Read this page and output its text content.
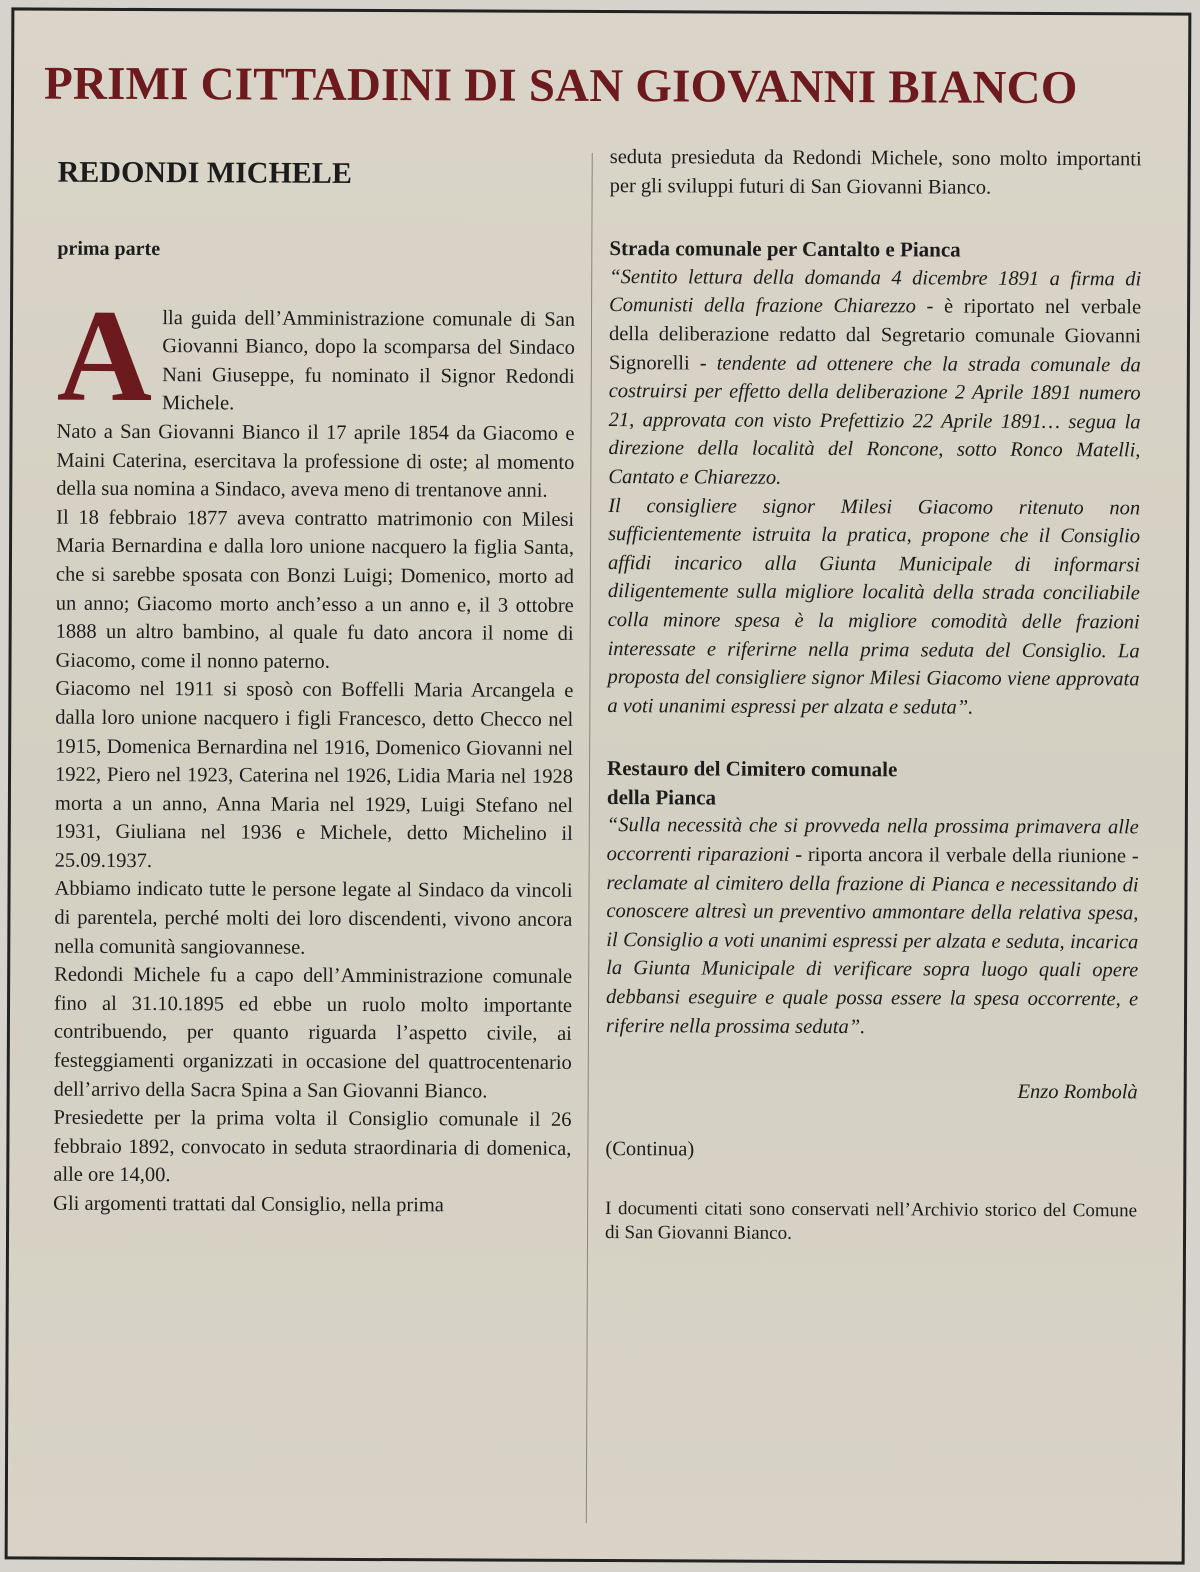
PRIMI CITTADINI DI SAN GIOVANNI BIANCO

REDONDI MICHELE

prima parte

Alla guida dell’Amministrazione comunale di San Giovanni Bianco, dopo la scomparsa del Sindaco Nani Giuseppe, fu nominato il Signor Redondi Michele.

Nato a San Giovanni Bianco il 17 aprile 1854 da Giacomo e Maini Caterina, esercitava la professione di oste; al momento della sua nomina a Sindaco, aveva meno di trentanove anni.

Il 18 febbraio 1877 aveva contratto matrimonio con Milesi Maria Bernardina e dalla loro unione nacquero la figlia Santa, che si sarebbe sposata con Bonzi Luigi; Domenico, morto ad un anno; Giacomo morto anch’esso a un anno e, il 3 ottobre 1888 un altro bambino, al quale fu dato ancora il nome di Giacomo, come il nonno paterno.

Giacomo nel 1911 si sposò con Boffelli Maria Arcangela e dalla loro unione nacquero i figli Francesco, detto Checco nel 1915, Domenica Bernardina nel 1916, Domenico Giovanni nel 1922, Piero nel 1923, Caterina nel 1926, Lidia Maria nel 1928 morta a un anno, Anna Maria nel 1929, Luigi Stefano nel 1931, Giuliana nel 1936 e Michele, detto Michelino il 25.09.1937.

Abbiamo indicato tutte le persone legate al Sindaco da vincoli di parentela, perché molti dei loro discendenti, vivono ancora nella comunità sangiovannese.

Redondi Michele fu a capo dell’Amministrazione comunale fino al 31.10.1895 ed ebbe un ruolo molto importante contribuendo, per quanto riguarda l’aspetto civile, ai festeggiamenti organizzati in occasione del quattrocentenario dell’arrivo della Sacra Spina a San Giovanni Bianco.

Presiedette per la prima volta il Consiglio comunale il 26 febbraio 1892, convocato in seduta straordinaria di domenica, alle ore 14,00.

Gli argomenti trattati dal Consiglio, nella prima

seduta presieduta da Redondi Michele, sono molto importanti per gli sviluppi futuri di San Giovanni Bianco.

Strada comunale per Cantalto e Pianca

“Sentito lettura della domanda 4 dicembre 1891 a firma di Comunisti della frazione Chiarezzo - è riportato nel verbale della deliberazione redatto dal Segretario comunale Giovanni Signorelli - tendente ad ottenere che la strada comunale da costruirsi per effetto della deliberazione 2 Aprile 1891 numero 21, approvata con visto Prefettizio 22 Aprile 1891… segua la direzione della località del Roncone, sotto Ronco Matelli, Cantato e Chiarezzo.

Il consigliere signor Milesi Giacomo ritenuto non sufficientemente istruita la pratica, propone che il Consiglio affidi incarico alla Giunta Municipale di informarsi diligentemente sulla migliore località della strada conciliabile colla minore spesa è la migliore comodità delle frazioni interessate e riferirne nella prima seduta del Consiglio. La proposta del consigliere signor Milesi Giacomo viene approvata a voti unanimi espressi per alzata e seduta”.

Restauro del Cimitero comunale
della Pianca

“Sulla necessità che si provveda nella prossima primavera alle occorrenti riparazioni - riporta ancora il verbale della riunione - reclamate al cimitero della frazione di Pianca e necessitando di conoscere altresì un preventivo ammontare della relativa spesa, il Consiglio a voti unanimi espressi per alzata e seduta, incarica la Giunta Municipale di verificare sopra luogo quali opere debbansi eseguire e quale possa essere la spesa occorrente, e riferire nella prossima seduta”.

Enzo Rombolà

(Continua)

I documenti citati sono conservati nell’Archivio storico del Comune di San Giovanni Bianco.
